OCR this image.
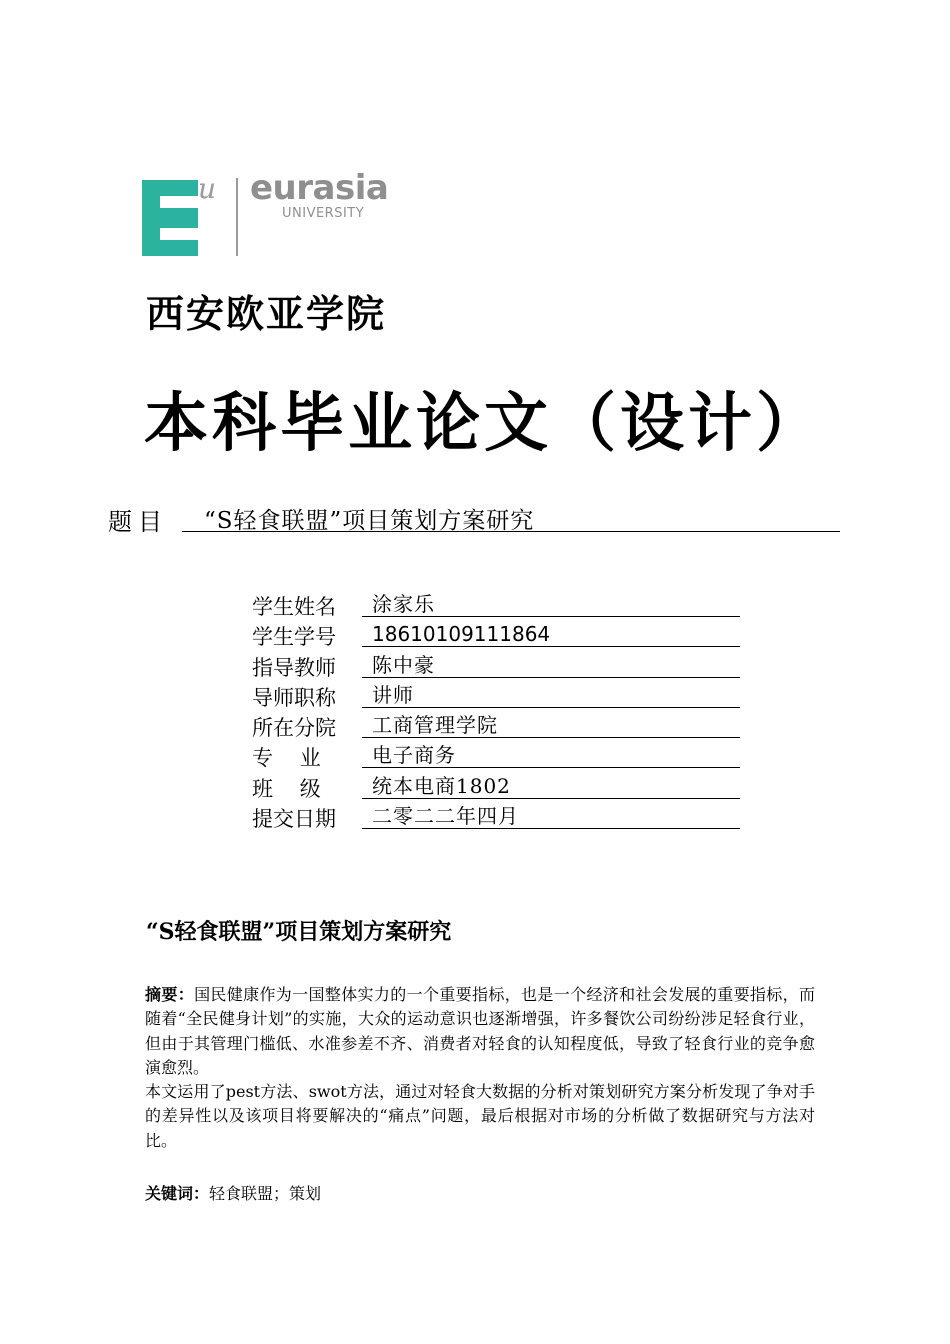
u eurasia
UNIVERSITY
西安欧亚学院
本科毕业论文（设计）
题目	“S轻食联盟”项目策划方案研究
学生姓名	涂家乐
学生学号	18610109111864
指导教师	陈中豪
导师职称	讲师
所在分院	工商管理学院
专    业	电子商务
班    级	统本电商1802
提交日期	二零二二年四月
“S轻食联盟”项目策划方案研究
摘要：国民健康作为一国整体实力的一个重要指标，也是一个经济和社会发展的重要指标，而随着“全民健身计划”的实施，大众的运动意识也逐渐增强，许多餐饮公司纷纷涉足轻食行业，但由于其管理门槛低、水准参差不齐、消费者对轻食的认知程度低，导致了轻食行业的竞争愈演愈烈。
本文运用了pest方法、swot方法，通过对轻食大数据的分析对策划研究方案分析发现了争对手的差异性以及该项目将要解决的“痛点”问题，最后根据对市场的分析做了数据研究与方法对比。
关键词：轻食联盟；策划
